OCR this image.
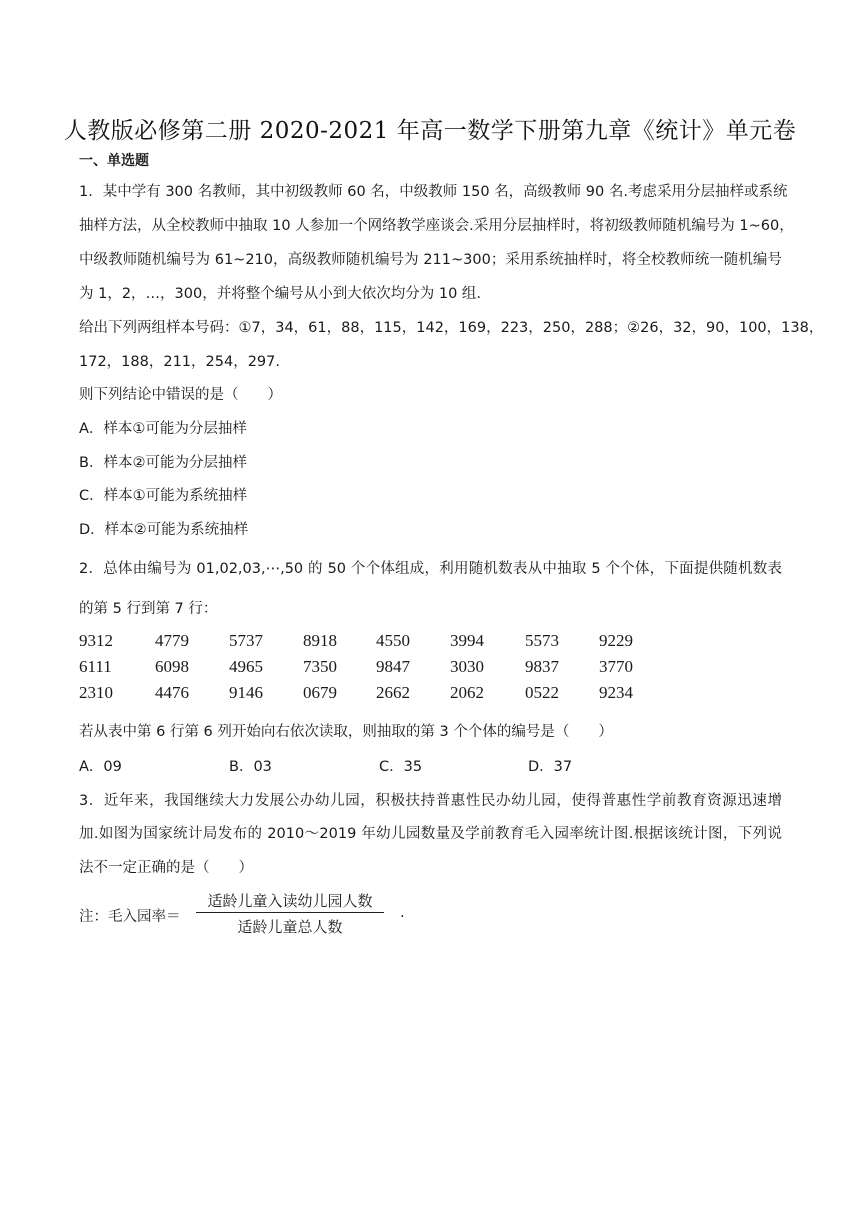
人教版必修第二册 2020-2021 年高一数学下册第九章《统计》单元卷
一、单选题
1．某中学有 300 名教师，其中初级教师 60 名，中级教师 150 名，高级教师 90 名.考虑采用分层抽样或系统
抽样方法，从全校教师中抽取 10 人参加一个网络教学座谈会.采用分层抽样时，将初级教师随机编号为 1~60，
中级教师随机编号为 61~210，高级教师随机编号为 211~300；采用系统抽样时，将全校教师统一随机编号
为 1，2，…，300，并将整个编号从小到大依次均分为 10 组.
给出下列两组样本号码：①7，34，61，88，115，142，169，223，250，288；②26，32，90，100，138，
172，188，211，254，297.
则下列结论中错误的是（　　）
A．样本①可能为分层抽样
B．样本②可能为分层抽样
C．样本①可能为系统抽样
D．样本②可能为系统抽样
2．总体由编号为 01,02,03,⋯,50 的 50 个个体组成，利用随机数表从中抽取 5 个个体，下面提供随机数表
的第 5 行到第 7 行：
9312 4779 5737 8918 4550 3994 5573 9229
6111	6098 4965 7350 9847 3030 9837 3770
2310 4476 9146 0679 2662 2062 0522 9234
若从表中第 6 行第 6 列开始向右依次读取，则抽取的第 3 个个体的编号是（　　）
A．09	B．03	C．35	D．37
3．近年来，我国继续大力发展公办幼儿园，积极扶持普惠性民办幼儿园，使得普惠性学前教育资源迅速增
加.如图为国家统计局发布的 2010～2019 年幼儿园数量及学前教育毛入园率统计图.根据该统计图，下列说
法不一定正确的是（　　）
注：毛入园率＝
适龄儿童入读幼儿园人数
适龄儿童总人数
.
